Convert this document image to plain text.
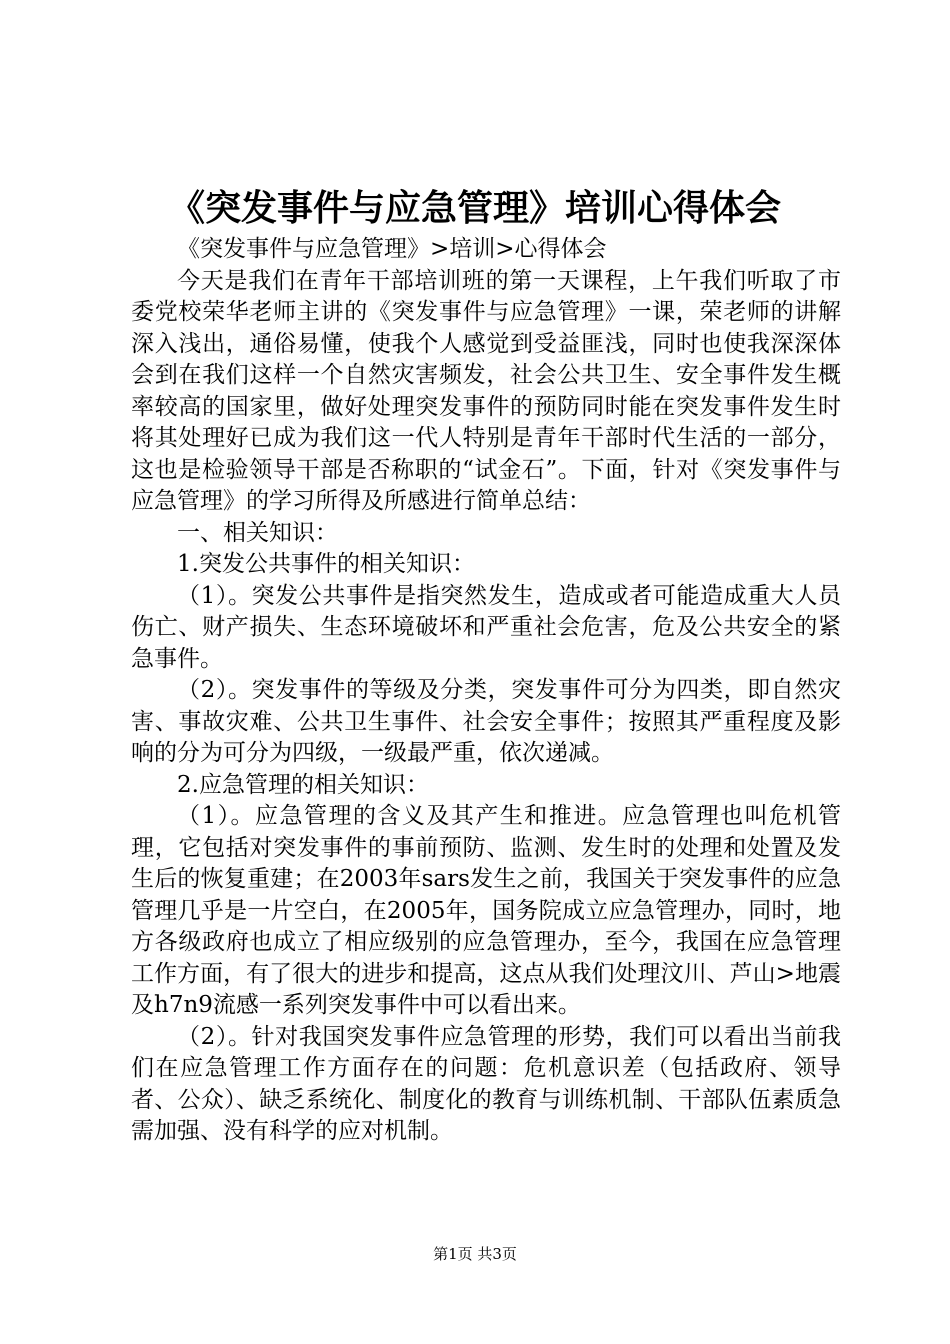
《突发事件与应急管理》培训心得体会

《突发事件与应急管理》>培训>心得体会

今天是我们在青年干部培训班的第一天课程，上午我们听取了市委党校荣华老师主讲的《突发事件与应急管理》一课，荣老师的讲解深入浅出，通俗易懂，使我个人感觉到受益匪浅，同时也使我深深体会到在我们这样一个自然灾害频发，社会公共卫生、安全事件发生概率较高的国家里，做好处理突发事件的预防同时能在突发事件发生时将其处理好已成为我们这一代人特别是青年干部时代生活的一部分，这也是检验领导干部是否称职的“试金石”。下面，针对《突发事件与应急管理》的学习所得及所感进行简单总结：

一、相关知识：

1.突发公共事件的相关知识：

（1）。突发公共事件是指突然发生，造成或者可能造成重大人员伤亡、财产损失、生态环境破坏和严重社会危害，危及公共安全的紧急事件。

（2）。突发事件的等级及分类，突发事件可分为四类，即自然灾害、事故灾难、公共卫生事件、社会安全事件；按照其严重程度及影响的分为可分为四级，一级最严重，依次递减。

2.应急管理的相关知识：

（1）。应急管理的含义及其产生和推进。应急管理也叫危机管理，它包括对突发事件的事前预防、监测、发生时的处理和处置及发生后的恢复重建；在2003年sars发生之前，我国关于突发事件的应急管理几乎是一片空白，在2005年，国务院成立应急管理办，同时，地方各级政府也成立了相应级别的应急管理办，至今，我国在应急管理工作方面，有了很大的进步和提高，这点从我们处理汶川、芦山>地震及h7n9流感一系列突发事件中可以看出来。

（2）。针对我国突发事件应急管理的形势，我们可以看出当前我们在应急管理工作方面存在的问题：危机意识差（包括政府、领导者、公众）、缺乏系统化、制度化的教育与训练机制、干部队伍素质急需加强、没有科学的应对机制。

第1页 共3页
